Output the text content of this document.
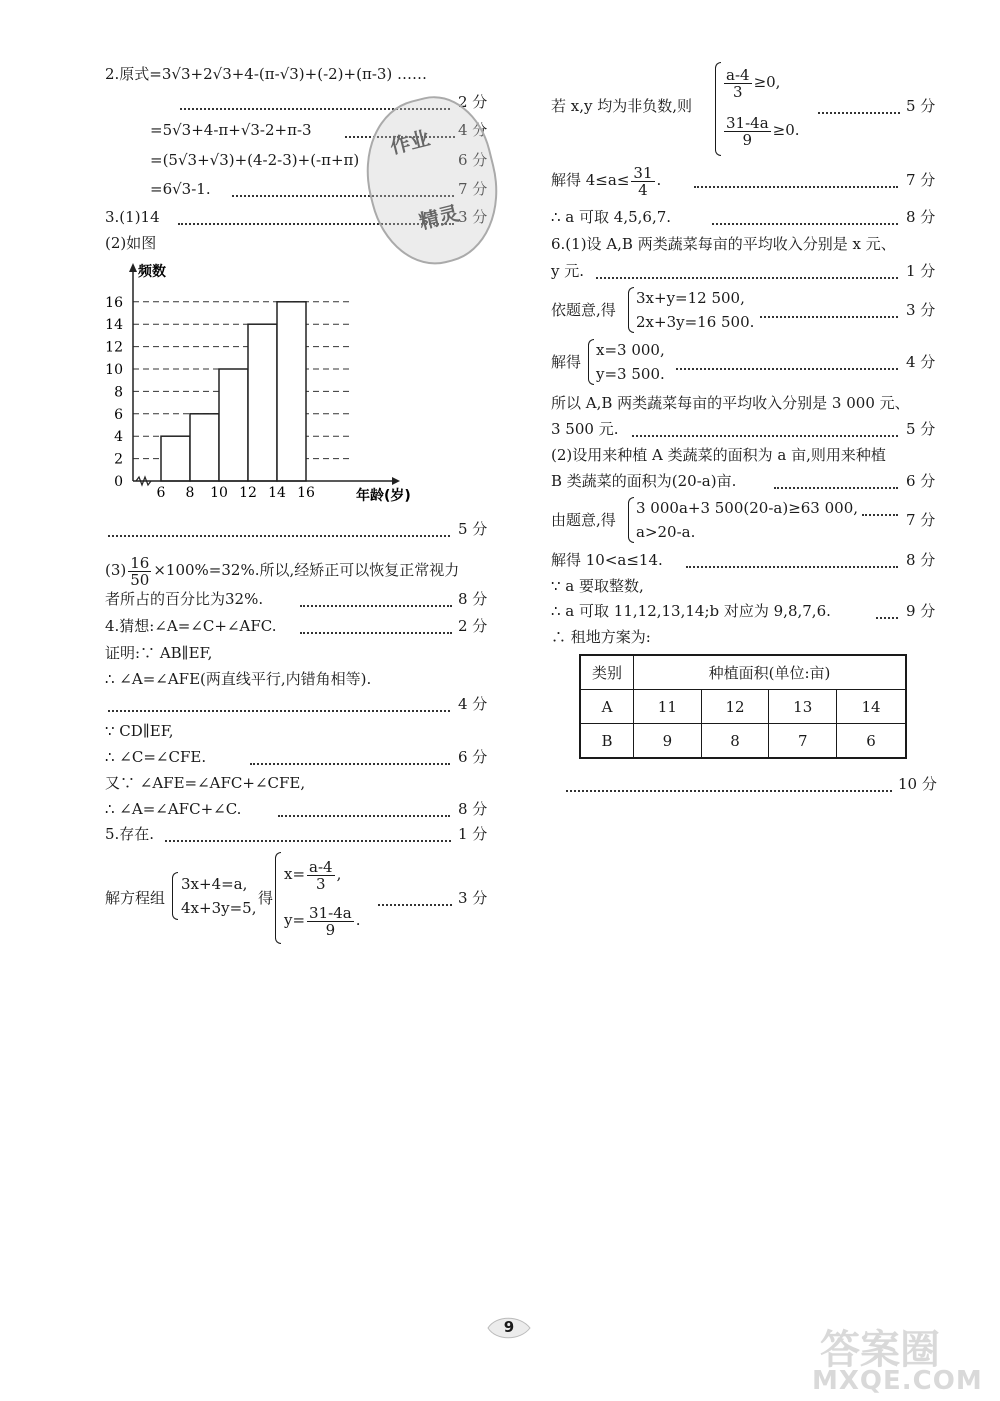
2.原式=3√3+2√3+4-(π-√3)+(-2)+(π-3) ……
2 分
=5√3+4-π+√3-2+π-3	4 分
=(5√3+√3)+(4-2-3)+(-π+π)	6 分
=6√3-1.	7 分
3.(1)14	3 分
(2)如图
0
2
4
6
8
10
12
14
16
6 8 10 12 14 16
频数
年龄(岁)
5 分
$(3) \frac{16}{50} \times 100\%=32\%$.所以,经矫正可以恢复正常视力
者所占的百分比为32%.	8 分
4.猜想:∠A=∠C+∠AFC.	2 分
证明:∵ AB∥EF,
∴ ∠A=∠AFE(两直线平行,内错角相等).
4 分
∵ CD∥EF,
∴ ∠C=∠CFE.	6 分
又∵ ∠AFE=∠AFC+∠CFE,
∴ ∠A=∠AFC+∠C.	8 分
5.存在.	1 分
解方程组
3x+4=a,
4x+3y=5,
得
$x= \frac{a-4}{3}$ ,
$y= \frac{31-4a}{9}$ .
3 分
作业
精灵
若 x,y 均为非负数,则
$\frac{a-4}{3} \ge 0$,
$\frac{31-4a}{9} \ge 0$.
5 分
解得 $4\le a\le \frac{31}{4}$ .	7 分
∴ a 可取 4,5,6,7.	8 分
6.(1)设 A,B 两类蔬菜每亩的平均收入分别是 x 元、
y 元.	1 分
依题意,得
3x+y=12 500,
2x+3y=16 500.
3 分
解得
x=3 000,
y=3 500.
4 分
所以 A,B 两类蔬菜每亩的平均收入分别是 3 000 元、
3 500 元.	5 分
(2)设用来种植 A 类蔬菜的面积为 a 亩,则用来种植
B 类蔬菜的面积为(20-a)亩.	6 分
由题意,得
3 000a+3 500(20-a)≥63 000,
a>20-a.
7 分
解得 10<a≤14.	8 分
∵ a 要取整数,
∴ a 可取 11,12,13,14;b 对应为 9,8,7,6.	9 分
∴ 租地方案为:
类别	种植面积(单位:亩)			
A	11	12	13	14
B	9	8	7	6
10 分
9	答案圈
MXQE.COM
